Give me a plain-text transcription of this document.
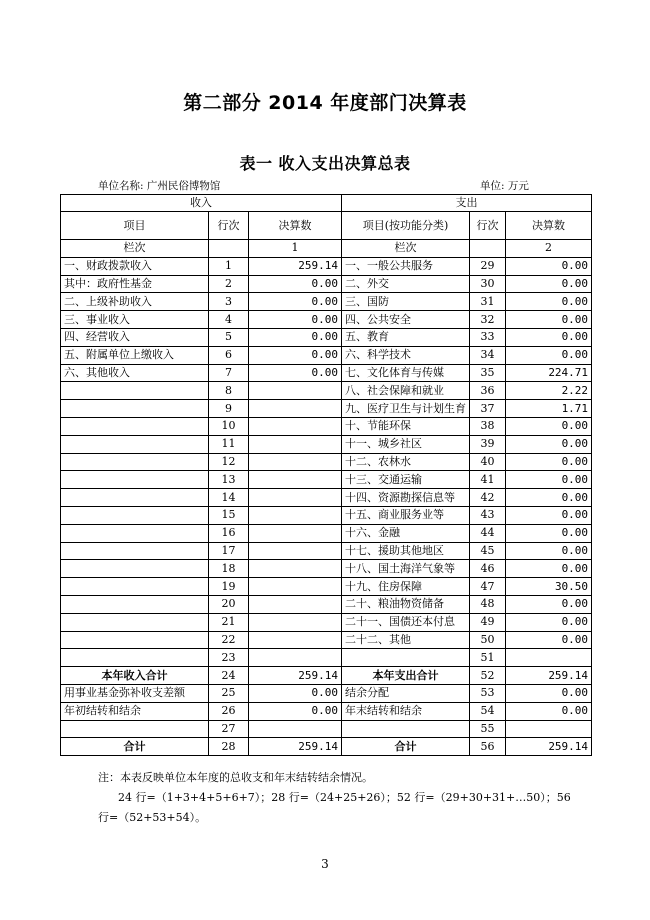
第二部分 2014 年度部门决算表
表一 收入支出决算总表
单位名称: 广州民俗博物馆	单位: 万元
收入			支出		
项目	行次	决算数	项目(按功能分类)	行次	决算数
栏次		1	栏次		2
一、财政拨款收入	1	259.14	一、一般公共服务	29	0.00
其中：政府性基金	2	0.00	二、外交	30	0.00
二、上级补助收入	3	0.00	三、国防	31	0.00
三、事业收入	4	0.00	四、公共安全	32	0.00
四、经营收入	5	0.00	五、教育	33	0.00
五、附属单位上缴收入	6	0.00	六、科学技术	34	0.00
六、其他收入	7	0.00	七、文化体育与传媒	35	224.71
	8		八、社会保障和就业	36	2.22
	9		九、医疗卫生与计划生育	37	1.71
	10		十、节能环保	38	0.00
	11		十一、城乡社区	39	0.00
	12		十二、农林水	40	0.00
	13		十三、交通运输	41	0.00
	14		十四、资源勘探信息等	42	0.00
	15		十五、商业服务业等	43	0.00
	16		十六、金融	44	0.00
	17		十七、援助其他地区	45	0.00
	18		十八、国土海洋气象等	46	0.00
	19		十九、住房保障	47	30.50
	20		二十、粮油物资储备	48	0.00
	21		二十一、国债还本付息	49	0.00
	22		二十二、其他	50	0.00
	23			51	
本年收入合计	24	259.14	本年支出合计	52	259.14
用事业基金弥补收支差额	25	0.00	结余分配	53	0.00
年初结转和结余	26	0.00	年末结转和结余	54	0.00
	27			55	
合计	28	259.14	合计	56	259.14
注：本表反映单位本年度的总收支和年末结转结余情况。
24 行=（1+3+4+5+6+7）；28 行=（24+25+26）；52 行=（29+30+31+…50）；56
行=（52+53+54）。
3
